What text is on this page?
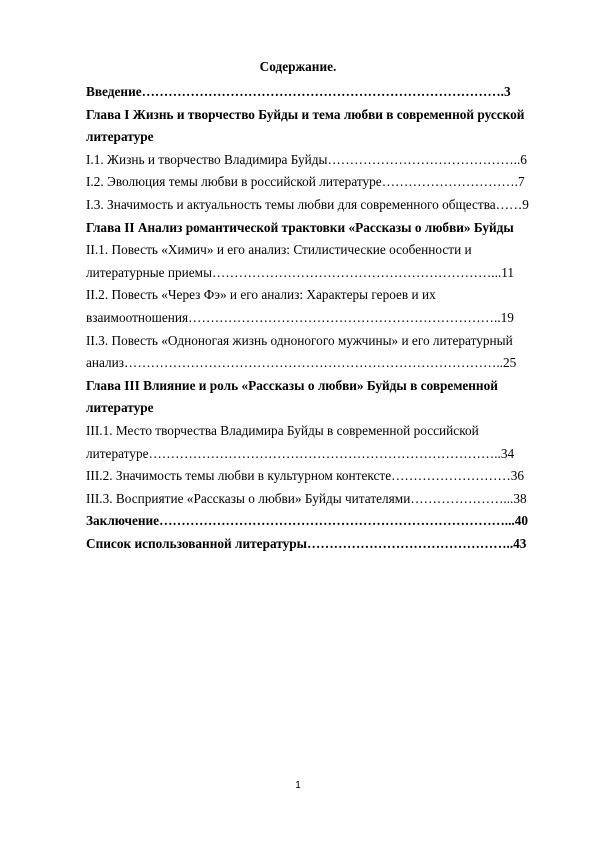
Содержание.
Введение……………………………………………………………………….3
Глава I Жизнь и творчество Буйды и тема любви в современной русской
литературе
I.1. Жизнь и творчество Владимира Буйды……………………………………..6
I.2. Эволюция темы любви в российской литературе………………………….7
I.3. Значимость и актуальность темы любви для современного общества……9
Глава II Анализ романтической трактовки «Рассказы о любви» Буйды
II.1. Повесть «Химич» и его анализ: Стилистические особенности и
литературные приемы………………………………………………………...11
II.2. Повесть «Через Фэ» и его анализ: Характеры героев и их
взаимоотношения……………………………………………………………..19
II.3. Повесть «Одноногая жизнь одноногого мужчины» и его литературный
анализ…………………………………………………………………………..25
Глава III Влияние и роль «Рассказы о любви» Буйды в современной
литературе
III.1. Место творчества Владимира Буйды в современной российской
литературе……………………………………………………………………..34
III.2. Значимость темы любви в культурном контексте………………………36
III.3. Восприятие «Рассказы о любви» Буйды читателями…………………...38
Заключение……………………………………………………………………...40
Список использованной литературы………………………………………..43
1
